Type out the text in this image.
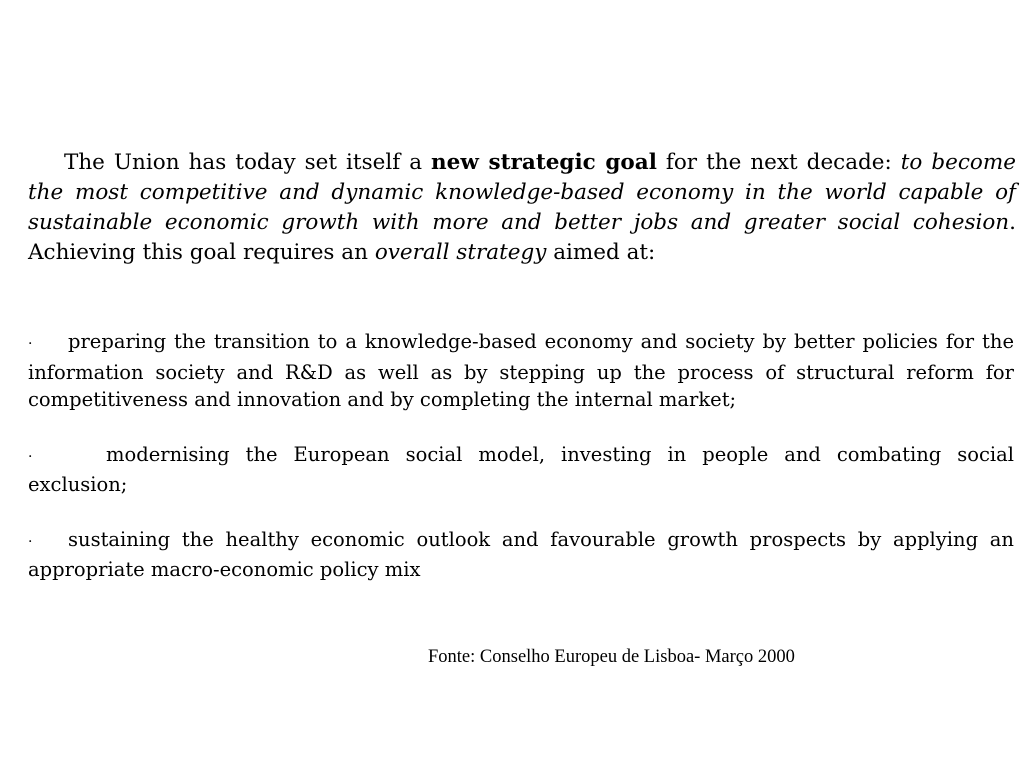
The Union has today set itself a new strategic goal for the next decade: to become the most competitive and dynamic knowledge-based economy in the world capable of sustainable economic growth with more and better jobs and greater social cohesion. Achieving this goal requires an overall strategy aimed at:

· preparing the transition to a knowledge-based economy and society by better policies for the information society and R&D as well as by stepping up the process of structural reform for competitiveness and innovation and by completing the internal market;

·	modernising the European social model, investing in people and combating social exclusion;

· sustaining the healthy economic outlook and favourable growth prospects by applying an appropriate macro-economic policy mix

Fonte: Conselho Europeu de Lisboa- Março 2000
